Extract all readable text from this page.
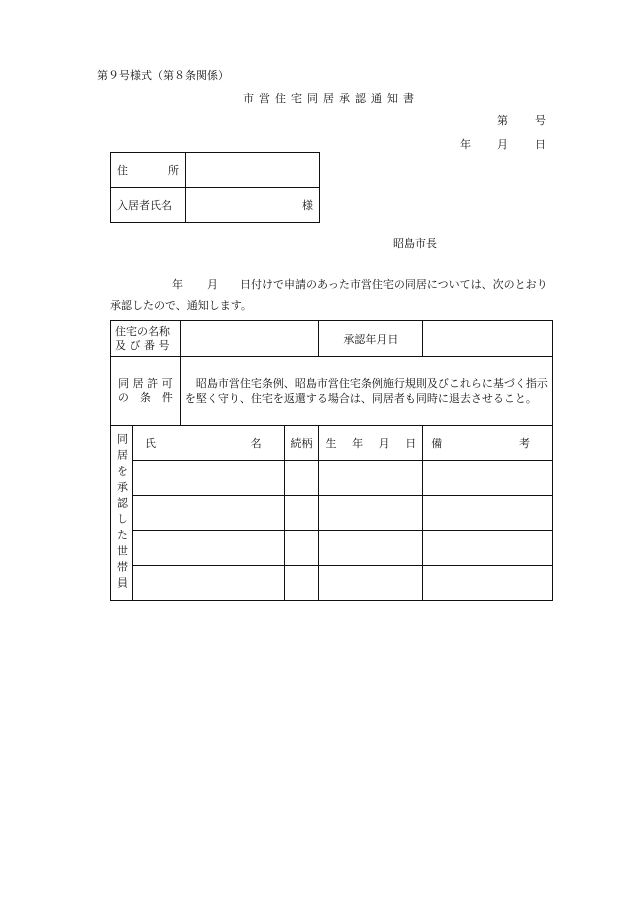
第９号様式（第８条関係）
市営住宅同居承認通知書
第 号
年 月 日
住 所	

入居者氏名	様
昭島市長
年 月 日付けで申請のあった市営住宅の同居については、次のとおり
承認したので、通知します。
住宅の名称
及 び 番 号				承認年月日	

同 居 許 可
の　条　件		　昭島市営住宅条例、昭島市営住宅条例施行規則及びこれらに基づく指示を堅く守り、住宅を返還する場合は、同居者も同時に退去させること。			
同居を承認した世帯員	氏 名		続柄	生 年 月 日	備 考
